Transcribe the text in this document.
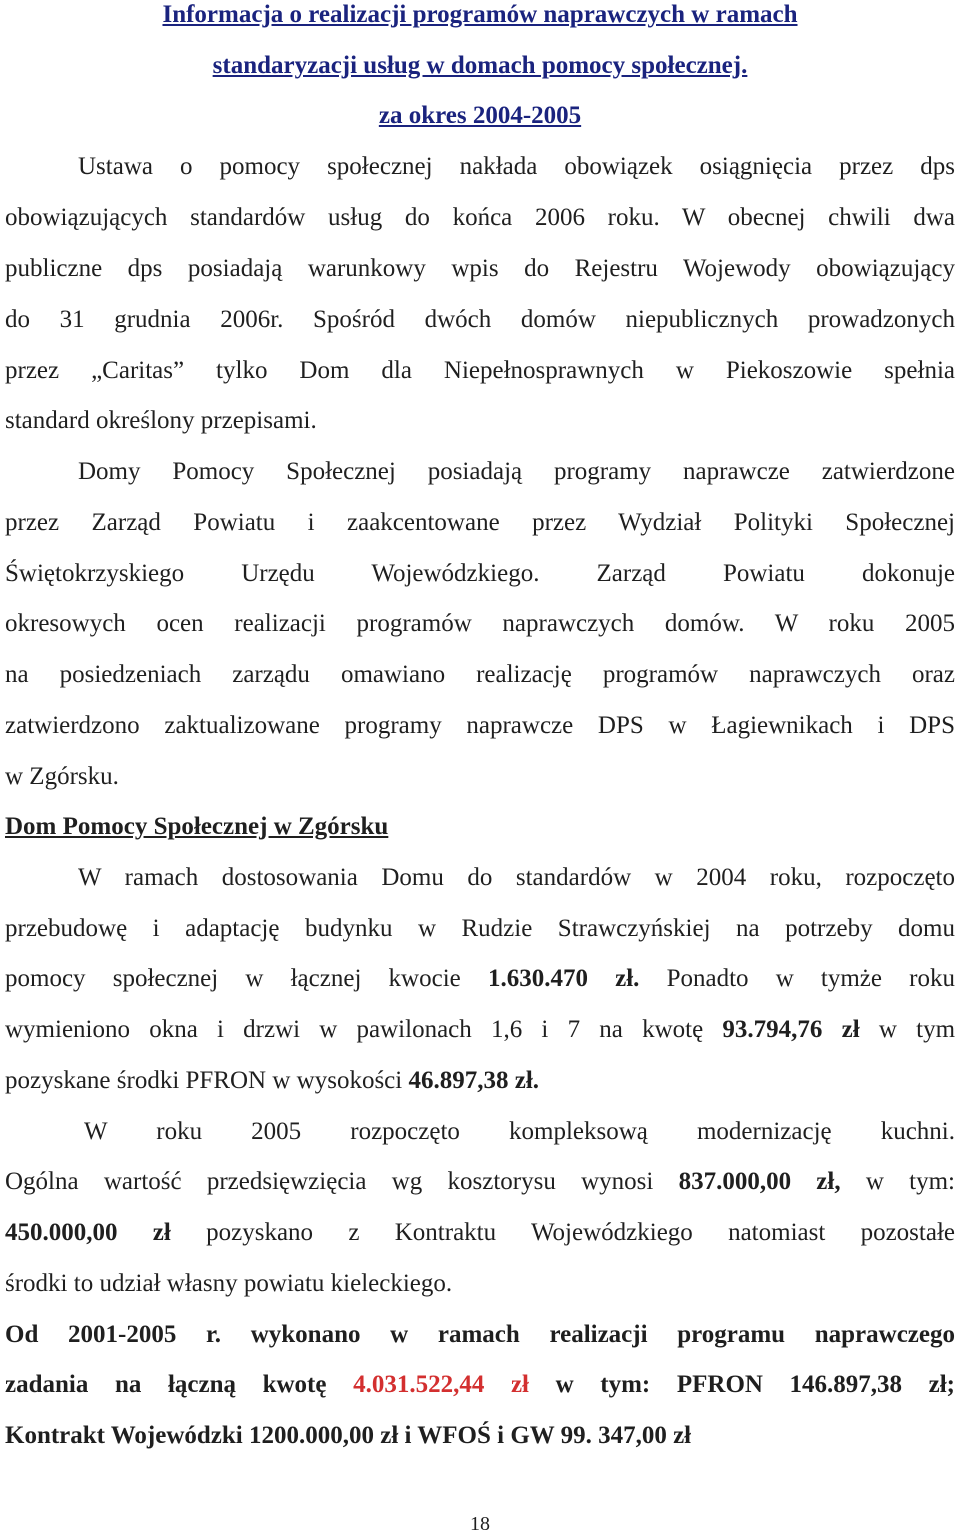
Informacja o realizacji programów naprawczych w ramach
standaryzacji usług w domach pomocy społecznej.
za okres 2004-2005
Ustawa o pomocy społecznej nakłada obowiązek osiągnięcia przez dps
obowiązujących standardów usług do końca 2006 roku. W obecnej chwili dwa
publiczne dps posiadają warunkowy wpis do Rejestru Wojewody obowiązujący
do 31 grudnia 2006r. Spośród dwóch domów niepublicznych prowadzonych
przez „Caritas” tylko Dom dla Niepełnosprawnych w Piekoszowie spełnia
standard określony przepisami.
Domy Pomocy Społecznej posiadają programy naprawcze zatwierdzone
przez Zarząd Powiatu i zaakcentowane przez Wydział Polityki Społecznej
Świętokrzyskiego Urzędu Wojewódzkiego. Zarząd Powiatu dokonuje
okresowych ocen realizacji programów naprawczych domów. W roku 2005
na posiedzeniach zarządu omawiano realizację programów naprawczych oraz
zatwierdzono zaktualizowane programy naprawcze DPS w Łagiewnikach i DPS
w Zgórsku.
Dom Pomocy Społecznej w Zgórsku
W ramach dostosowania Domu do standardów w 2004 roku, rozpoczęto
przebudowę i adaptację budynku w Rudzie Strawczyńskiej na potrzeby domu
pomocy społecznej w łącznej kwocie 1.630.470 zł. Ponadto w tymże roku
wymieniono okna i drzwi w pawilonach 1,6 i 7 na kwotę 93.794,76 zł w tym
pozyskane środki PFRON w wysokości 46.897,38 zł.
W roku 2005 rozpoczęto kompleksową modernizację kuchni.
Ogólna wartość przedsięwzięcia wg kosztorysu wynosi 837.000,00 zł, w tym:
450.000,00 zł pozyskano z Kontraktu Wojewódzkiego natomiast pozostałe
środki to udział własny powiatu kieleckiego.
Od 2001-2005 r. wykonano w ramach realizacji programu naprawczego
zadania na łączną kwotę 4.031.522,44 zł w tym: PFRON 146.897,38 zł;
Kontrakt Wojewódzki 1200.000,00 zł i WFOŚ i GW 99. 347,00 zł
18
